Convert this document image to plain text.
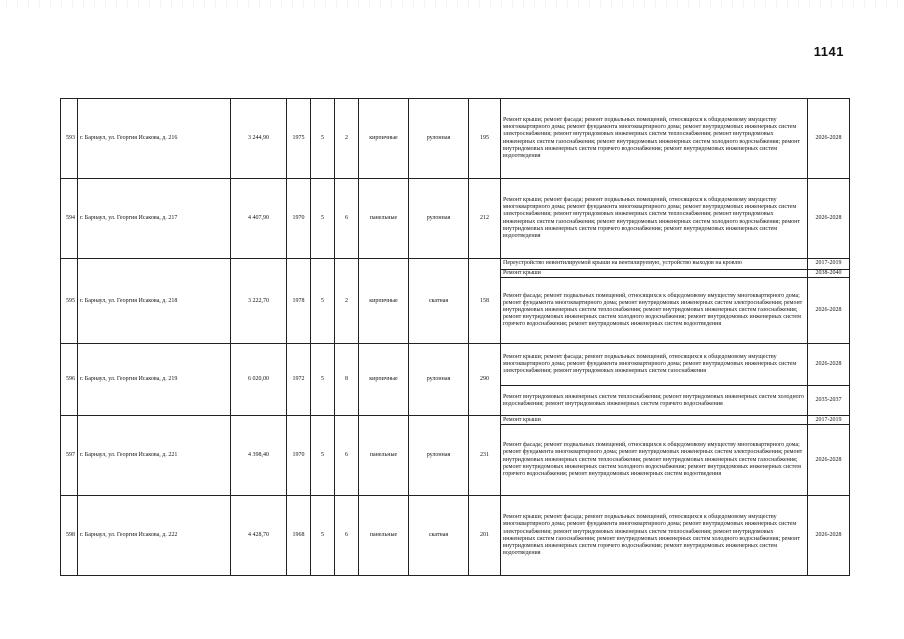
1141
593	г. Барнаул, ул. Георгия Исакова, д. 216	3 244,90	1975	5	2	кирпичные	рулонная	195	Ремонт крыши; ремонт фасада; ремонт подвальных помещений, относящихся к общедомовому имуществу многоквартирного дома; ремонт фундамента многоквартирного дома; ремонт внутридомовых инженерных систем электроснабжения; ремонт внутридомовых инженерных систем теплоснабжения; ремонт внутридомовых инженерных систем газоснабжения; ремонт внутридомовых инженерных систем холодного водоснабжения; ремонт внутридомовых инженерных систем горячего водоснабжения; ремонт внутридомовых инженерных систем водоотведения	2026-2028
594	г. Барнаул, ул. Георгия Исакова, д. 217	4 407,90	1970	5	6	панельные	рулонная	212	Ремонт крыши; ремонт фасада; ремонт подвальных помещений, относящихся к общедомовому имуществу многоквартирного дома; ремонт фундамента многоквартирного дома; ремонт внутридомовых инженерных систем электроснабжения; ремонт внутридомовых инженерных систем теплоснабжения; ремонт внутридомовых инженерных систем газоснабжения; ремонт внутридомовых инженерных систем холодного водоснабжения; ремонт внутридомовых инженерных систем горячего водоснабжения; ремонт внутридомовых инженерных систем водоотведения	2026-2028
595	г. Барнаул, ул. Георгия Исакова, д. 218	3 222,70	1978	5	2	кирпичные	скатная	158	Переустройство невентилируемой крыши на вентилируемую, устройство выходов на кровлю	2017-2019
									Ремонт крыши	2038-2040
									Ремонт фасада; ремонт подвальных помещений, относящихся к общедомовому имуществу многоквартирного дома; ремонт фундамента многоквартирного дома; ремонт внутридомовых инженерных систем электроснабжения; ремонт внутридомовых инженерных систем теплоснабжения; ремонт внутридомовых инженерных систем газоснабжения; ремонт внутридомовых инженерных систем холодного водоснабжения; ремонт внутридомовых инженерных систем горячего водоснабжения; ремонт внутридомовых инженерных систем водоотведения	2026-2028
596	г. Барнаул, ул. Георгия Исакова, д. 219	6 020,00	1972	5	8	кирпичные	рулонная	290	Ремонт крыши; ремонт фасада; ремонт подвальных помещений, относящихся к общедомовому имуществу многоквартирного дома; ремонт фундамента многоквартирного дома; ремонт внутридомовых инженерных систем электроснабжения; ремонт внутридомовых инженерных систем газоснабжения	2026-2028
									Ремонт внутридомовых инженерных систем теплоснабжения; ремонт внутридомовых инженерных систем холодного водоснабжения; ремонт внутридомовых инженерных систем горячего водоснабжения	2035-2037
597	г. Барнаул, ул. Георгия Исакова, д. 221	4 398,40	1970	5	6	панельные	рулонная	231	Ремонт крыши	2017-2019
									Ремонт фасада; ремонт подвальных помещений, относящихся к общедомовому имуществу многоквартирного дома; ремонт фундамента многоквартирного дома; ремонт внутридомовых инженерных систем электроснабжения; ремонт внутридомовых инженерных систем теплоснабжения; ремонт внутридомовых инженерных систем газоснабжения; ремонт внутридомовых инженерных систем холодного водоснабжения; ремонт внутридомовых инженерных систем горячего водоснабжения; ремонт внутридомовых инженерных систем водоотведения	2026-2028
598	г. Барнаул, ул. Георгия Исакова, д. 222	4 428,70	1968	5	6	панельные	скатная	201	Ремонт крыши; ремонт фасада; ремонт подвальных помещений, относящихся к общедомовому имуществу многоквартирного дома; ремонт фундамента многоквартирного дома; ремонт внутридомовых инженерных систем электроснабжения; ремонт внутридомовых инженерных систем теплоснабжения; ремонт внутридомовых инженерных систем газоснабжения; ремонт внутридомовых инженерных систем холодного водоснабжения; ремонт внутридомовых инженерных систем горячего водоснабжения; ремонт внутридомовых инженерных систем водоотведения	2026-2028
